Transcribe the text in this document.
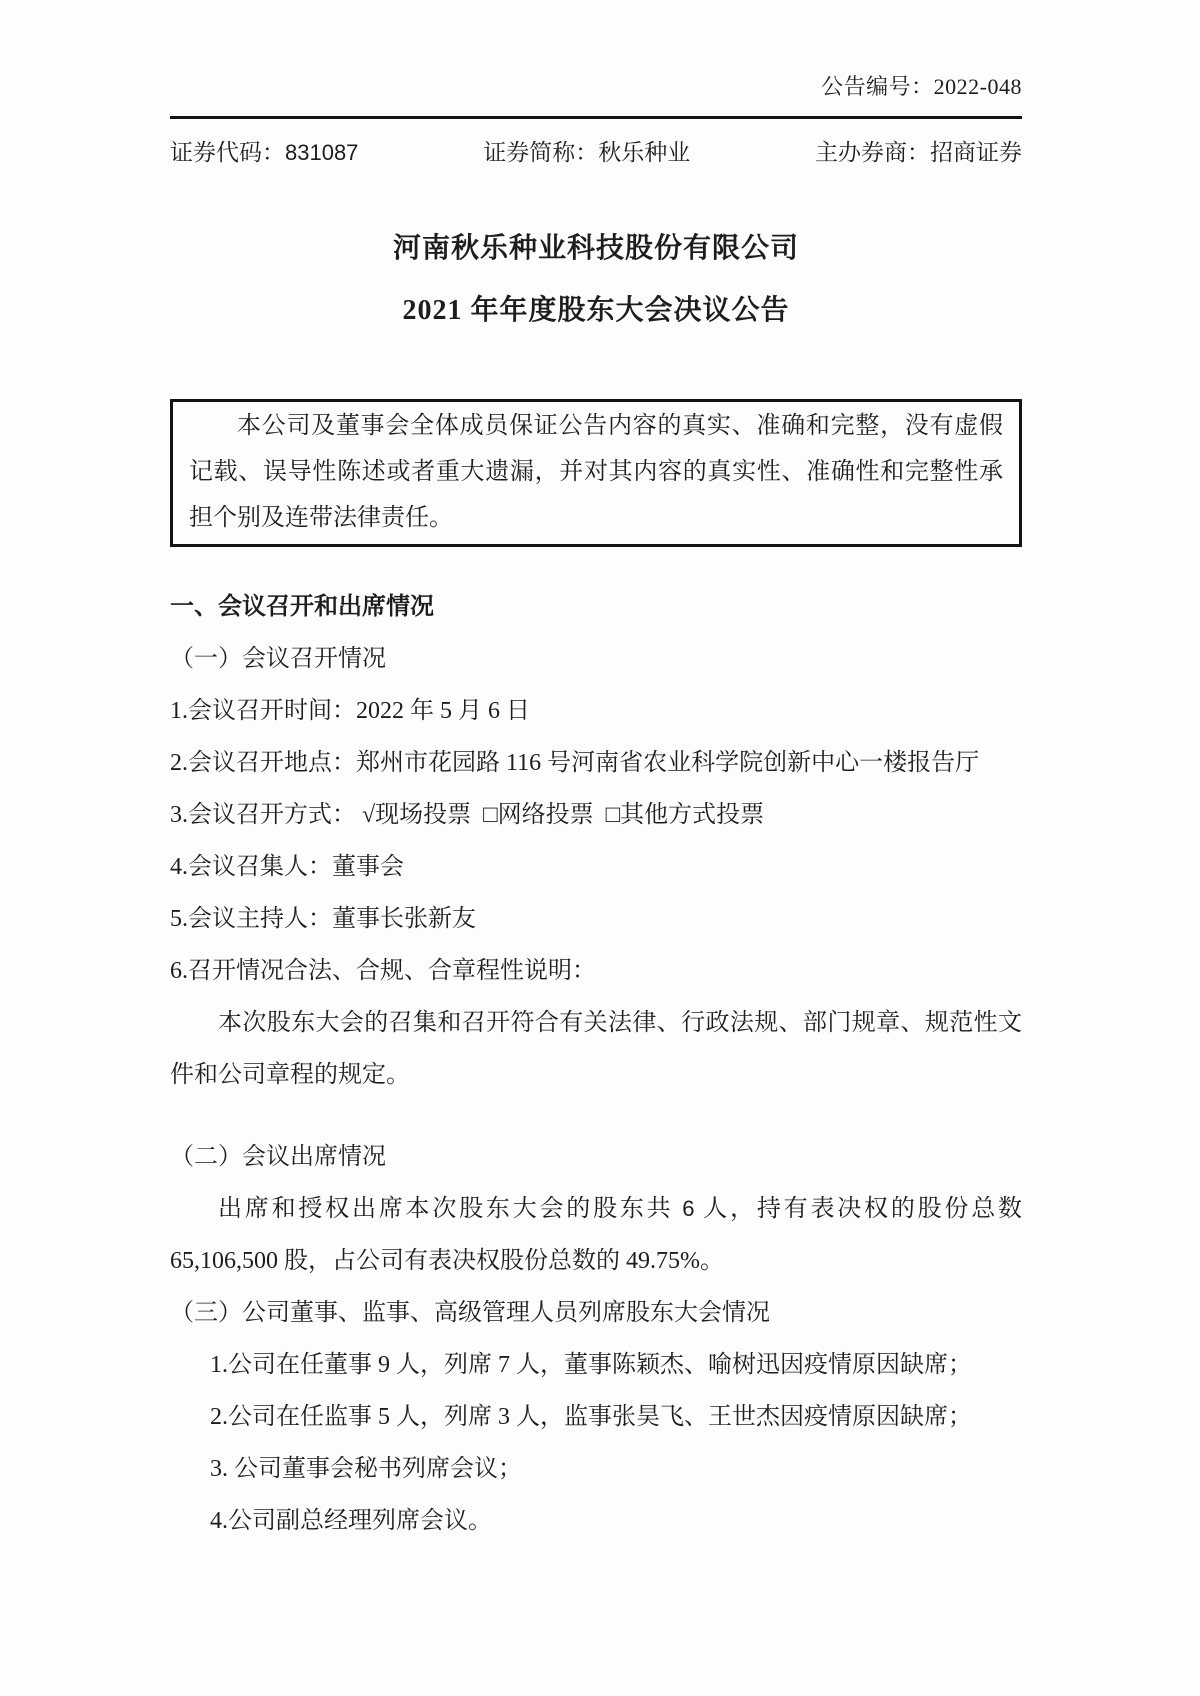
公告编号：2022-048
证券代码：831087	证券简称：秋乐种业	主办券商：招商证券
河南秋乐种业科技股份有限公司
2021 年年度股东大会决议公告

本公司及董事会全体成员保证公告内容的真实、准确和完整，没有虚假记载、误导性陈述或者重大遗漏，并对其内容的真实性、准确性和完整性承担个别及连带法律责任。

一、会议召开和出席情况
（一）会议召开情况
1.会议召开时间：2022 年 5 月 6 日
2.会议召开地点：郑州市花园路 116 号河南省农业科学院创新中心一楼报告厅
3.会议召开方式： √现场投票  □网络投票  □其他方式投票
4.会议召集人：董事会
5.会议主持人：董事长张新友
6.召开情况合法、合规、合章程性说明：

本次股东大会的召集和召开符合有关法律、行政法规、部门规章、规范性文件和公司章程的规定。

（二）会议出席情况

出席和授权出席本次股东大会的股东共 6 人，持有表决权的股份总数 65,106,500 股，占公司有表决权股份总数的 49.75%。

（三）公司董事、监事、高级管理人员列席股东大会情况
1.公司在任董事 9 人，列席 7 人，董事陈颖杰、喻树迅因疫情原因缺席；
2.公司在任监事 5 人，列席 3 人，监事张昊飞、王世杰因疫情原因缺席；
3. 公司董事会秘书列席会议；
4.公司副总经理列席会议。
